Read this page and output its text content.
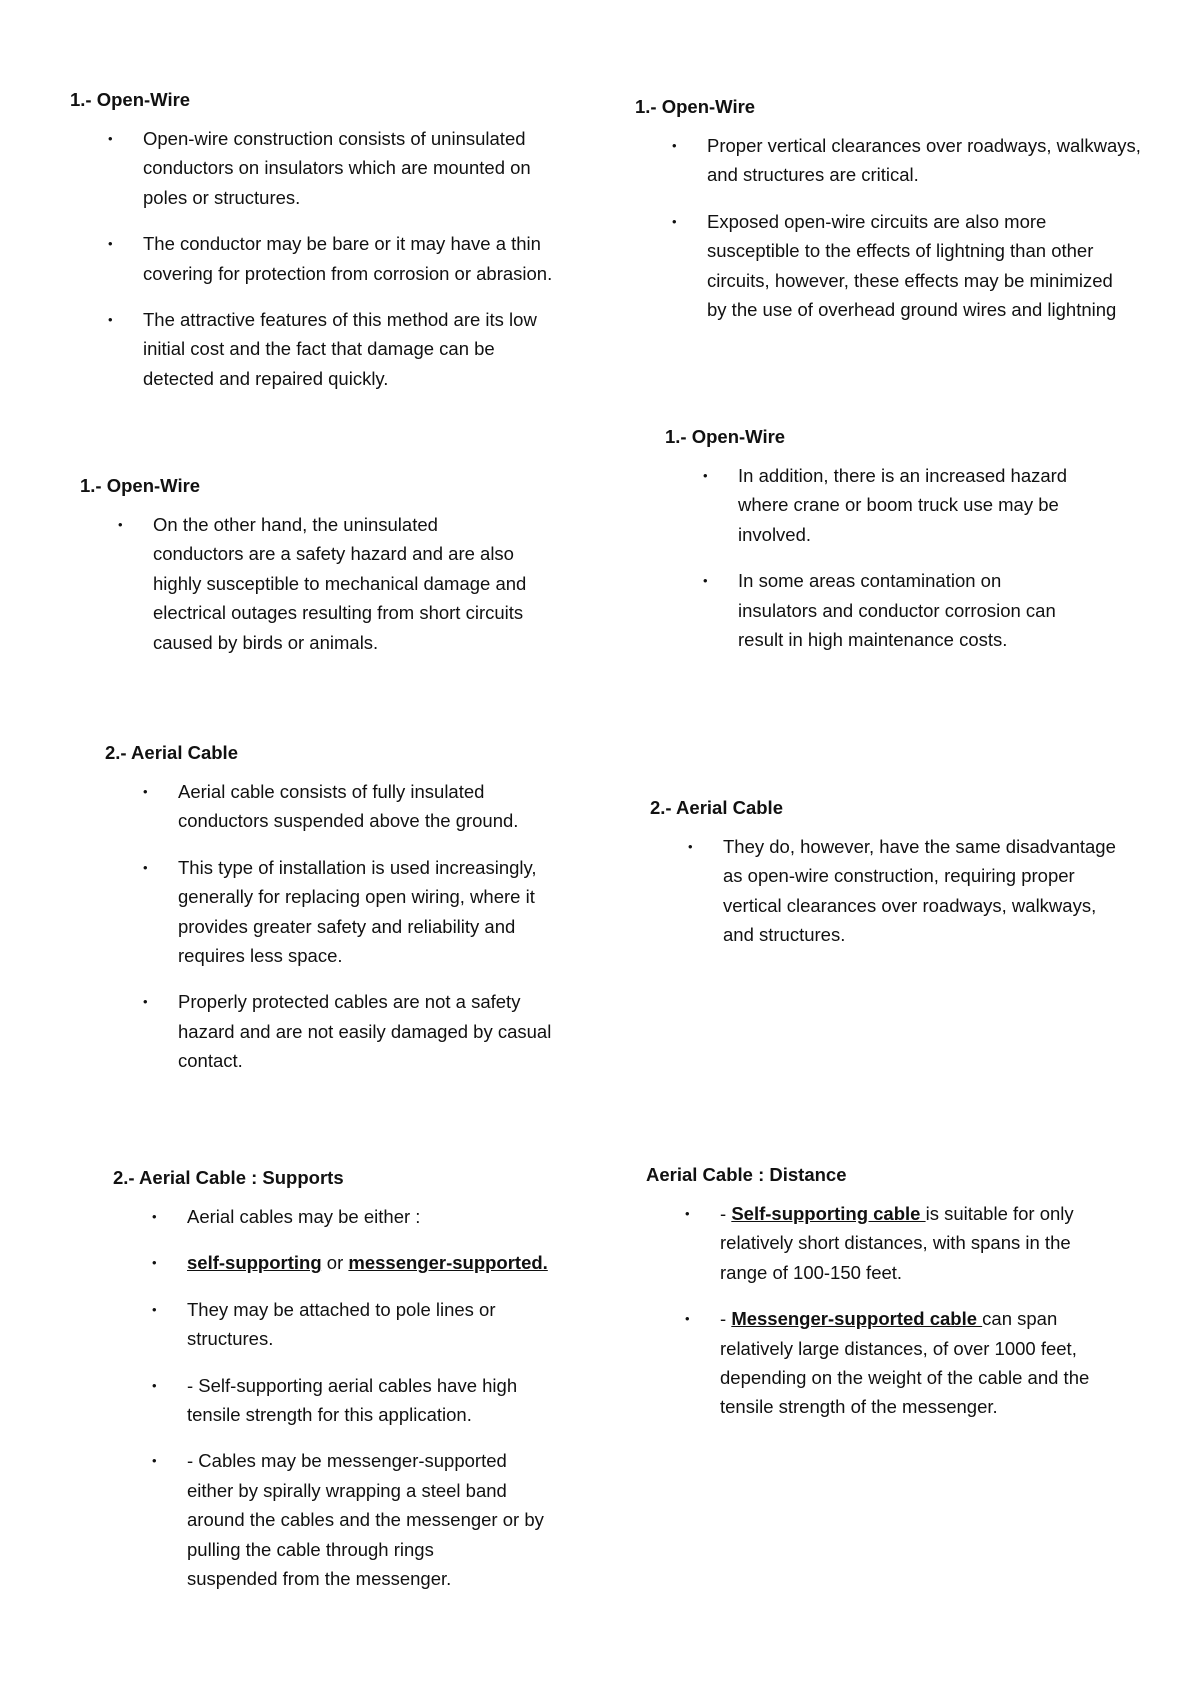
1.- Open-Wire
• Open-wire construction consists of uninsulated
conductors on insulators which are mounted on
poles or structures.
• The conductor may be bare or it may have a thin
covering for protection from corrosion or abrasion.
• The attractive features of this method are its low
initial cost and the fact that damage can be
detected and repaired quickly.
1.- Open-Wire
• Proper vertical clearances over roadways, walkways,
and structures are critical.
• Exposed open-wire circuits are also more
susceptible to the effects of lightning than other
circuits, however, these effects may be minimized
by the use of overhead ground wires and lightning
1.- Open-Wire
• On the other hand, the uninsulated
conductors are a safety hazard and are also
highly susceptible to mechanical damage and
electrical outages resulting from short circuits
caused by birds or animals.
1.- Open-Wire
• In addition, there is an increased hazard
where crane or boom truck use may be
involved.
• In some areas contamination on
insulators and conductor corrosion can
result in high maintenance costs.
2.- Aerial Cable
• Aerial cable consists of fully insulated
conductors suspended above the ground.
• This type of installation is used increasingly,
generally for replacing open wiring, where it
provides greater safety and reliability and
requires less space.
• Properly protected cables are not a safety
hazard and are not easily damaged by casual
contact.
2.- Aerial Cable
• They do, however, have the same disadvantage
as open-wire construction, requiring proper
vertical clearances over roadways, walkways,
and structures.
2.- Aerial Cable : Supports
• Aerial cables may be either :
• self-supporting or messenger-supported.
• They may be attached to pole lines or
structures.
• - Self-supporting aerial cables have high
tensile strength for this application.
• - Cables may be messenger-supported
either by spirally wrapping a steel band
around the cables and the messenger or by
pulling the cable through rings
suspended from the messenger.
Aerial Cable : Distance
• - Self-supporting cable is suitable for only
relatively short distances, with spans in the
range of 100-150 feet.
• - Messenger-supported cable can span
relatively large distances, of over 1000 feet,
depending on the weight of the cable and the
tensile strength of the messenger.
